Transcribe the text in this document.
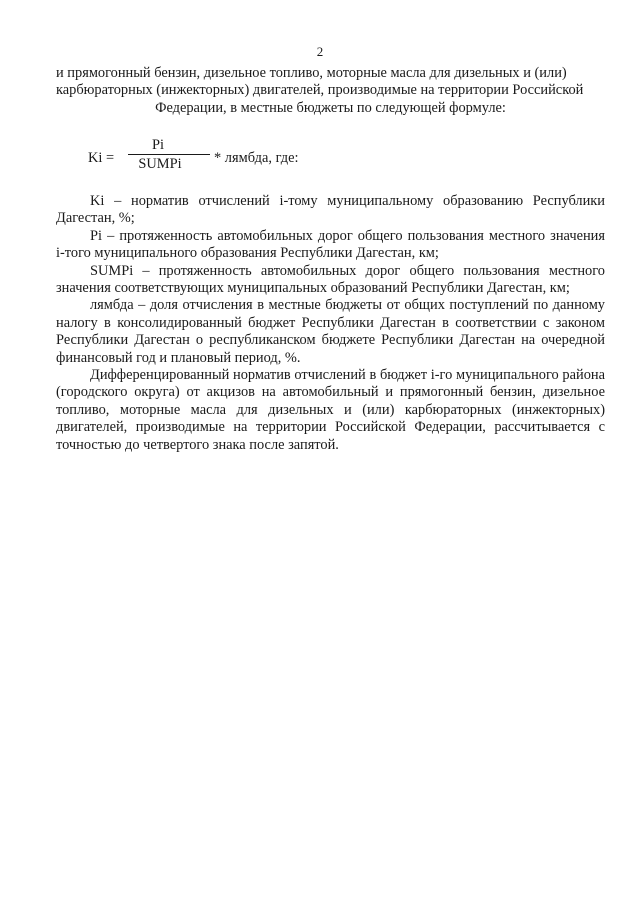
2

и прямогонный бензин, дизельное топливо, моторные масла для дизельных и (или)

карбюраторных (инжекторных) двигателей, производимые на территории Российской

Федерации, в местные бюджеты по следующей формуле:

Ki =
Pi
SUMPi	* лямбда, где:

Ki – норматив отчислений i-тому муниципальному образованию Республики Дагестан, %;

Pi – протяженность автомобильных дорог общего пользования местного значения i-того муниципального образования Республики Дагестан, км;

SUMPi – протяженность автомобильных дорог общего пользования местного значения соответствующих муниципальных образований Республики Дагестан, км;

лямбда – доля отчисления в местные бюджеты от общих поступлений по данному налогу в консолидированный бюджет Республики Дагестан в соответствии с законом Республики Дагестан о республиканском бюджете Республики Дагестан на очередной финансовый год и плановый период, %.

Дифференцированный норматив отчислений в бюджет i-го муниципального района (городского округа) от акцизов на автомобильный и прямогонный бензин, дизельное топливо, моторные масла для дизельных и (или) карбюраторных (инжекторных) двигателей, производимые на территории Российской Федерации, рассчитывается с точностью до четвертого знака после запятой.
